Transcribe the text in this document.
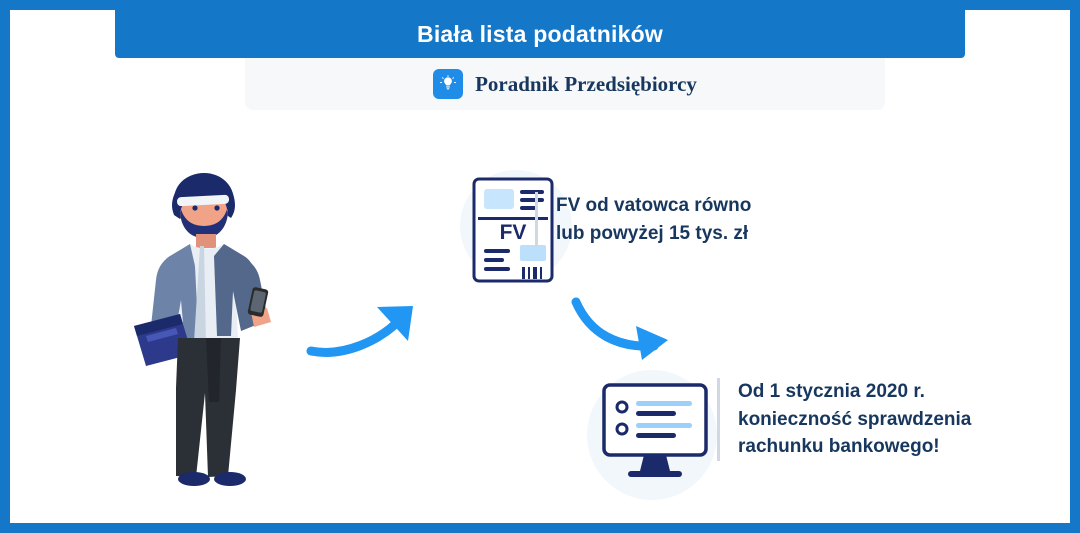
Biała lista podatników
Poradnik Przedsiębiorcy
FV
FV od vatowca równo
lub powyżej 15 tys. zł
Od 1 stycznia 2020 r.
konieczność sprawdzenia
rachunku bankowego!
